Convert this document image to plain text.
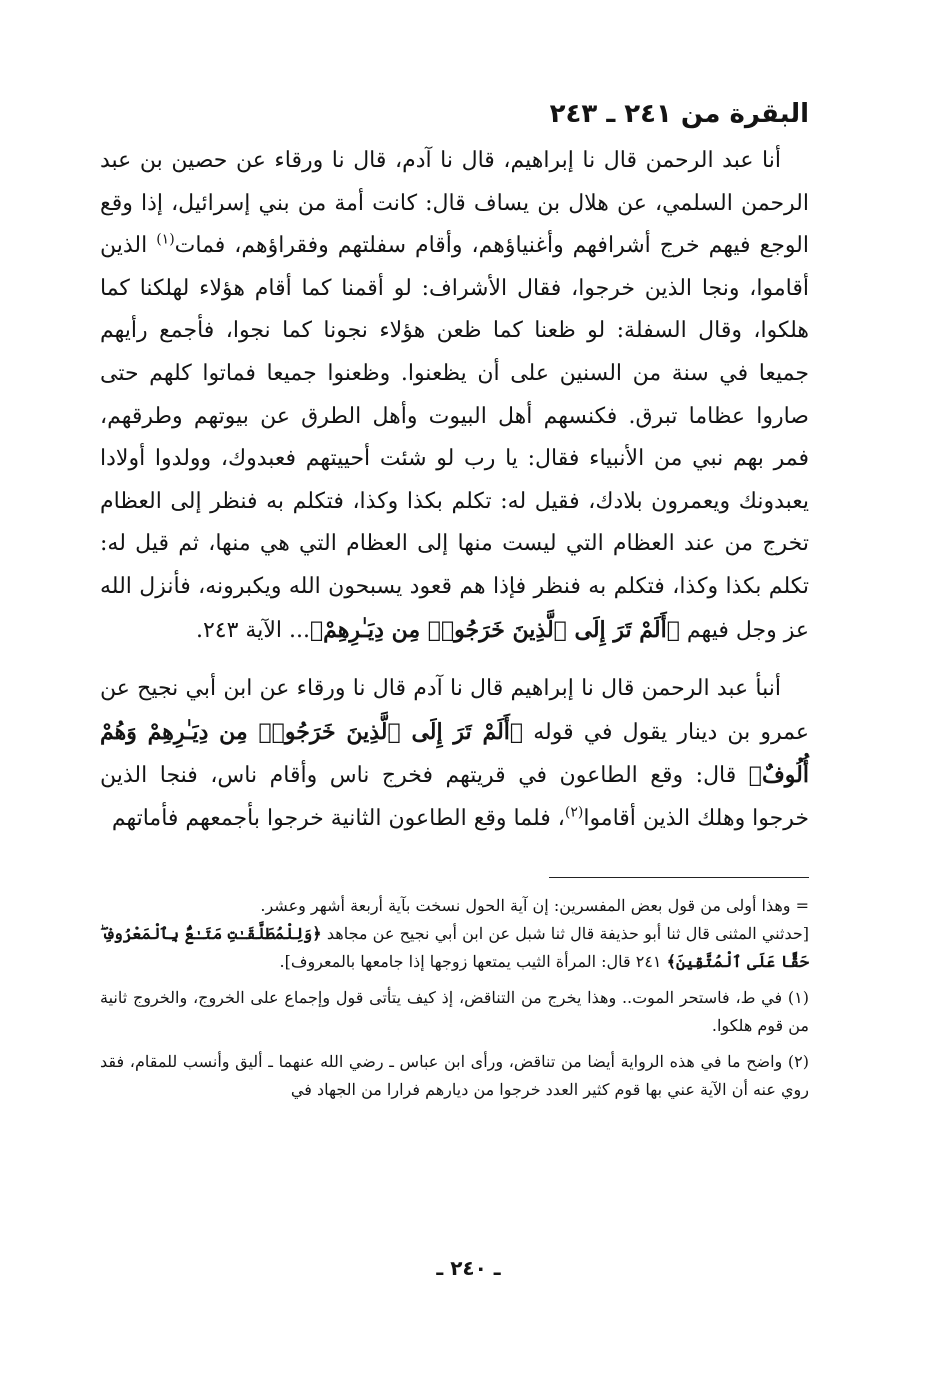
البقرة من ٢٤١ ـ ٢٤٣

أنا عبد الرحمن قال نا إبراهيم، قال نا آدم، قال نا ورقاء عن حصين بن عبد الرحمن السلمي، عن هلال بن يساف قال: كانت أمة من بني إسرائيل، إذا وقع الوجع فيهم خرج أشرافهم وأغنياؤهم، وأقام سفلتهم وفقراؤهم، فمات$^{(١)}$ الذين أقاموا، ونجا الذين خرجوا، فقال الأشراف: لو أقمنا كما أقام هؤلاء لهلكنا كما هلكوا، وقال السفلة: لو ظعنا كما ظعن هؤلاء نجونا كما نجوا، فأجمع رأيهم جميعا في سنة من السنين على أن يظعنوا. وظعنوا جميعا فماتوا كلهم حتى صاروا عظاما تبرق. فكنسهم أهل البيوت وأهل الطرق عن بيوتهم وطرقهم، فمر بهم نبي من الأنبياء فقال: يا رب لو شئت أحييتهم فعبدوك، وولدوا أولادا يعبدونك ويعمرون بلادك، فقيل له: تكلم بكذا وكذا، فتكلم به فنظر إلى العظام تخرج من عند العظام التي ليست منها إلى العظام التي هي منها، ثم قيل له: تكلم بكذا وكذا، فتكلم به فنظر فإذا هم قعود يسبحون الله ويكبرونه، فأنزل الله عز وجل فيهم ﴿أَلَمْ تَرَ إِلَى ٱلَّذِينَ خَرَجُوا۟ مِن دِيَـٰرِهِمْ﴾... الآية ٢٤٣.

أنبأ عبد الرحمن قال نا إبراهيم قال نا آدم قال نا ورقاء عن ابن أبي نجيح عن عمرو بن دينار يقول في قوله ﴿أَلَمْ تَرَ إِلَى ٱلَّذِينَ خَرَجُوا۟ مِن دِيَـٰرِهِمْ وَهُمْ أُلُوفٌ﴾ قال: وقع الطاعون في قريتهم فخرج ناس وأقام ناس، فنجا الذين خرجوا وهلك الذين أقاموا$^{(٢)}$، فلما وقع الطاعون الثانية خرجوا بأجمعهم فأماتهم

= وهذا أولى من قول بعض المفسرين: إن آية الحول نسخت بآية أربعة أشهر وعشر.

[حدثني المثنى قال ثنا أبو حذيفة قال ثنا شبل عن ابن أبي نجيح عن مجاهد ﴿وَلِلْمُطَلَّقَـٰتِ مَتَـٰعٌۢ بِٱلْمَعْرُوفِ ۖ حَقًّا عَلَى ٱلْمُتَّقِينَ﴾ ٢٤١ قال: المرأة الثيب يمتعها زوجها إذا جامعها بالمعروف].

(١) في ط، فاستحر الموت.. وهذا يخرج من التناقض، إذ كيف يتأتى قول وإجماع على الخروج، والخروج ثانية من قوم هلكوا.

(٢) واضح ما في هذه الرواية أيضا من تناقض، ورأى ابن عباس ـ رضي الله عنهما ـ أليق وأنسب للمقام، فقد روي عنه أن الآية عني بها قوم كثير العدد خرجوا من ديارهم فرارا من الجهاد في

ـ ٢٤٠ ـ
